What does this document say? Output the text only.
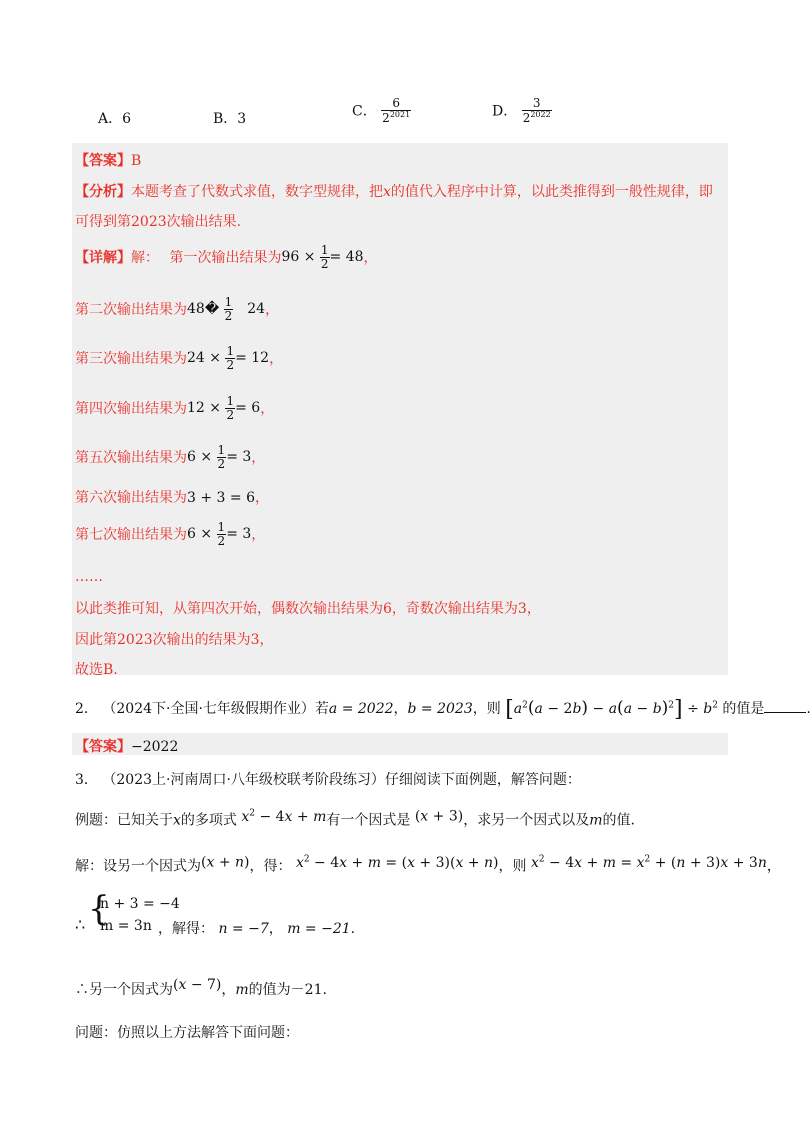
A．6	B．3	C． $\frac{6}{2^{2021}}$	D． $\frac{3}{2^{2022}}$
【答案】B
【分析】本题考查了代数式求值，数字型规律，把x的值代入程序中计算，以此类推得到一般性规律，即
可得到第2023次输出结果.
【详解】解： 第一次输出结果为$96 \times \frac{1}{2} = 48$，
第二次输出结果为48� $\frac{1}{2} 24$，
第三次输出结果为$24 \times \frac{1}{2} = 12$，
第四次输出结果为$12 \times \frac{1}{2} = 6$，
第五次输出结果为$6 \times \frac{1}{2} = 3$，
第六次输出结果为3 + 3 = 6，
第七次输出结果为$6 \times \frac{1}{2} = 3$，
……
以此类推可知，从第四次开始，偶数次输出结果为6，奇数次输出结果为3，
因此第2023次输出的结果为3，
故选B.
2． （2024下·全国·七年级假期作业）若a = 2022，b = 2023，则 $[a^2(a - 2b) - a(a - b)^2] \div b^2$ 的值是	.
【答案】−2022
3． （2023上·河南周口·八年级校联考阶段练习）仔细阅读下面例题，解答问题：
例题：已知关于x的多项式 $x^2 - 4x + m$有一个因式是 (x + 3)，求另一个因式以及m的值.
解：设另一个因式为(x + n)，得： $x^2 - 4x + m = (x + 3)(x + n)$，则 $x^2 - 4x + m = x^2 + (n + 3)x + 3n$，
∴ {
n + 3 = −4
m = 3n ，解得： n = −7， m = −21.
∴另一个因式为(x − 7)，m的值为－21.
问题：仿照以上方法解答下面问题：
